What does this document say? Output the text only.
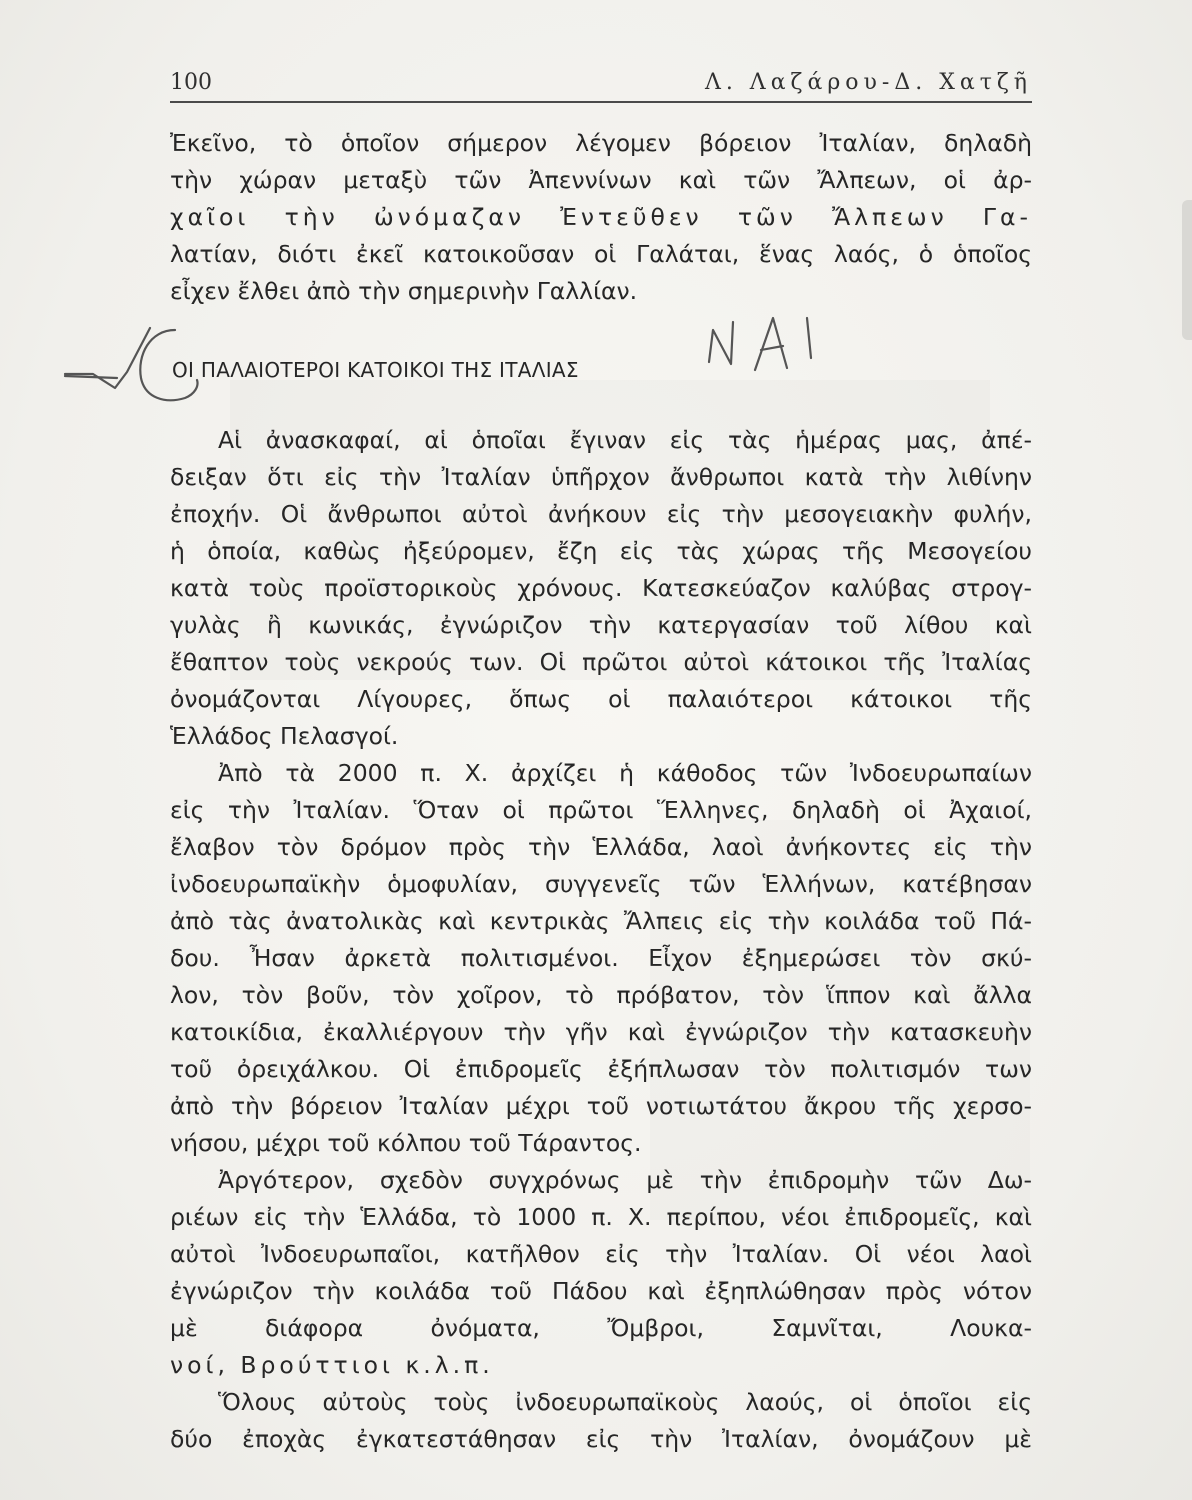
100	Λ. Λαζάρου-Δ. Χατζῆ
Ἐκεῖνο, τὸ ὁποῖον σήμερον λέγομεν βόρειον Ἰταλίαν, δηλαδὴ
τὴν χώραν μεταξὺ τῶν Ἀπεννίνων καὶ τῶν Ἄλπεων, οἱ ἀρ-
χαῖοι τὴν ὠνόμαζαν Ἐντεῦθεν τῶν Ἄλπεων Γα-
λατίαν, διότι ἐκεῖ κατοικοῦσαν οἱ Γαλάται, ἕνας λαός, ὁ ὁποῖος
εἶχεν ἔλθει ἀπὸ τὴν σημερινὴν Γαλλίαν.
ΟΙ ΠΑΛΑΙΟΤΕΡΟΙ ΚΑΤΟΙΚΟΙ ΤΗΣ ΙΤΑΛΙΑΣ
Αἱ ἀνασκαφαί, αἱ ὁποῖαι ἔγιναν εἰς τὰς ἡμέρας μας, ἀπέ-
δειξαν ὅτι εἰς τὴν Ἰταλίαν ὑπῆρχον ἄνθρωποι κατὰ τὴν λιθίνην
ἐποχήν. Οἱ ἄνθρωποι αὐτοὶ ἀνήκουν εἰς τὴν μεσογειακὴν φυλήν,
ἡ ὁποία, καθὼς ἠξεύρομεν, ἔζη εἰς τὰς χώρας τῆς Μεσογείου
κατὰ τοὺς προϊστορικοὺς χρόνους. Κατεσκεύαζον καλύβας στρογ-
γυλὰς ἢ κωνικάς, ἐγνώριζον τὴν κατεργασίαν τοῦ λίθου καὶ
ἔθαπτον τοὺς νεκρούς των. Οἱ πρῶτοι αὐτοὶ κάτοικοι τῆς Ἰταλίας
ὀνομάζονται Λίγουρες, ὅπως οἱ παλαιότεροι κάτοικοι τῆς
Ἑλλάδος Πελασγοί.
Ἀπὸ τὰ 2000 π. Χ. ἀρχίζει ἡ κάθοδος τῶν Ἰνδοευρωπαίων
εἰς τὴν Ἰταλίαν. Ὅταν οἱ πρῶτοι Ἕλληνες, δηλαδὴ οἱ Ἀχαιοί,
ἔλαβον τὸν δρόμον πρὸς τὴν Ἑλλάδα, λαοὶ ἀνήκοντες εἰς τὴν
ἰνδοευρωπαϊκὴν ὁμοφυλίαν, συγγενεῖς τῶν Ἑλλήνων, κατέβησαν
ἀπὸ τὰς ἀνατολικὰς καὶ κεντρικὰς Ἄλπεις εἰς τὴν κοιλάδα τοῦ Πά-
δου. Ἦσαν ἀρκετὰ πολιτισμένοι. Εἶχον ἐξημερώσει τὸν σκύ-
λον, τὸν βοῦν, τὸν χοῖρον, τὸ πρόβατον, τὸν ἵππον καὶ ἄλλα
κατοικίδια, ἐκαλλιέργουν τὴν γῆν καὶ ἐγνώριζον τὴν κατασκευὴν
τοῦ ὀρειχάλκου. Οἱ ἐπιδρομεῖς ἐξήπλωσαν τὸν πολιτισμόν των
ἀπὸ τὴν βόρειον Ἰταλίαν μέχρι τοῦ νοτιωτάτου ἄκρου τῆς χερσο-
νήσου, μέχρι τοῦ κόλπου τοῦ Τάραντος.
Ἀργότερον, σχεδὸν συγχρόνως μὲ τὴν ἐπιδρομὴν τῶν Δω-
ριέων εἰς τὴν Ἑλλάδα, τὸ 1000 π. Χ. περίπου, νέοι ἐπιδρομεῖς, καὶ
αὐτοὶ Ἰνδοευρωπαῖοι, κατῆλθον εἰς τὴν Ἰταλίαν. Οἱ νέοι λαοὶ
ἐγνώριζον τὴν κοιλάδα τοῦ Πάδου καὶ ἐξηπλώθησαν πρὸς νότον
μὲ διάφορα ὀνόματα, Ὄμβροι, Σαμνῖται, Λουκα-
νοί, Βρούττιοι κ.λ.π.
Ὅλους αὐτοὺς τοὺς ἰνδοευρωπαϊκοὺς λαούς, οἱ ὁποῖοι εἰς
δύο ἐποχὰς ἐγκατεστάθησαν εἰς τὴν Ἰταλίαν, ὀνομάζουν μὲ
